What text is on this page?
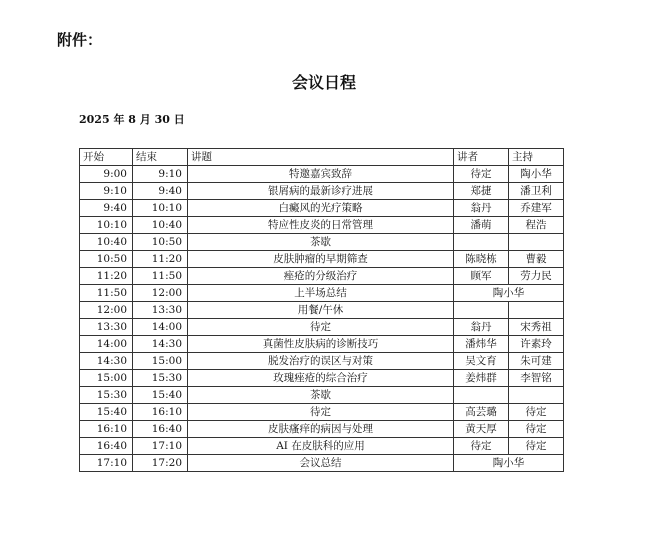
附件：
会议日程
2025 年 8 月 30 日
开始	结束	讲题	讲者	主持
9:00	9:10	特邀嘉宾致辞	待定	陶小华
9:10	9:40	银屑病的最新诊疗进展	郑捷	潘卫利
9:40	10:10	白癜风的光疗策略	翁丹	乔建军
10:10	10:40	特应性皮炎的日常管理	潘萌	程浩
10:40	10:50	茶歇		
10:50	11:20	皮肤肿瘤的早期筛查	陈晓栋	曹毅
11:20	11:50	痤疮的分级治疗	顾军	劳力民
11:50	12:00	上半场总结	陶小华	
12:00	13:30	用餐/午休		
13:30	14:00	待定	翁丹	宋秀祖
14:00	14:30	真菌性皮肤病的诊断技巧	潘炜华	许素玲
14:30	15:00	脱发治疗的误区与对策	吴文育	朱可建
15:00	15:30	玫瑰痤疮的综合治疗	姜炜群	李智铭
15:30	15:40	茶歇		
15:40	16:10	待定	高芸璐	待定
16:10	16:40	皮肤瘙痒的病因与处理	黄天厚	待定
16:40	17:10	AI 在皮肤科的应用	待定	待定
17:10	17:20	会议总结	陶小华	
